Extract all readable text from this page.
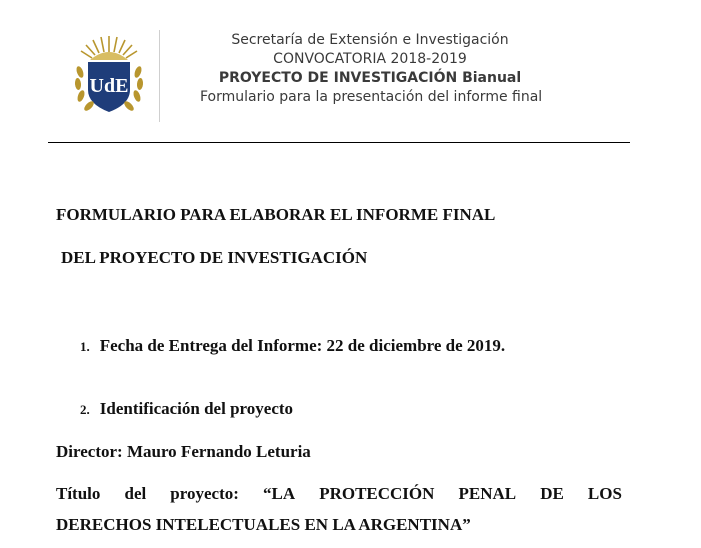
UdE
Secretaría de Extensión e Investigación
CONVOCATORIA 2018-2019
PROYECTO DE INVESTIGACIÓN Bianual
Formulario para la presentación del informe final
FORMULARIO PARA ELABORAR EL INFORME FINAL
DEL PROYECTO DE INVESTIGACIÓN
1. Fecha de Entrega del Informe: 22 de diciembre de 2019.
2. Identificación del proyecto
Director: Mauro Fernando Leturia
Título del proyecto: “LA PROTECCIÓN PENAL DE LOS
DERECHOS INTELECTUALES EN LA ARGENTINA”
